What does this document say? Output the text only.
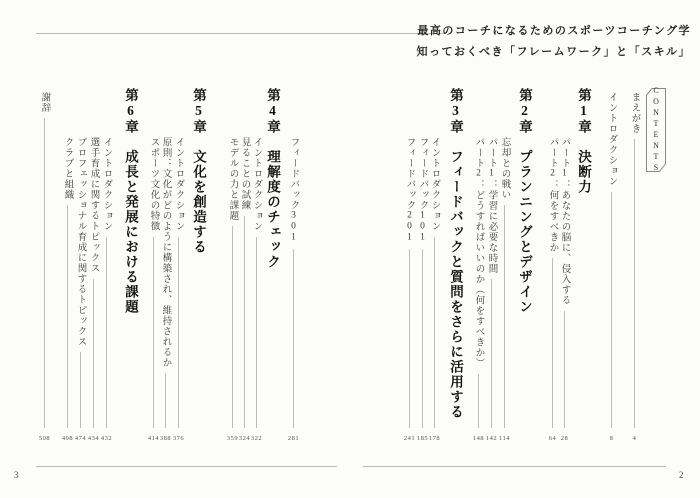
最高のコーチになるためのスポーツコーチング学
知っておくべき「フレームワーク」と「スキル」
CONTENTS
まえがき
4
イントロダクション
8
第1章　決断力
パート1：あなたの脳に、侵入する
28
パート2：何をすべきか
64
第2章　プランニングとデザイン
忘却との戦い
114
パート1：学習に必要な時間
142
パート2：どうすればいいのか（何をすべきか）
148
第3章　フィードバックと質問をさらに活用する
イントロダクション
178
フィードバック101
185
フィードバック201
241
フィードバック301
281
第4章　理解度のチェック
イントロダクション
322
見ることの試練
324
モデルの力と課題
359
第5章　文化を創造する
イントロダクション
376
原則：文化がどのように構築され、維持されるか
388
スポーツ文化の特徴
414
第6章　成長と発展における課題
イントロダクション
432
選手育成に関するトピックス
434
プロフェッショナル育成に関するトピックス
474
クラブと組織
498
謝辞
508
3	2
